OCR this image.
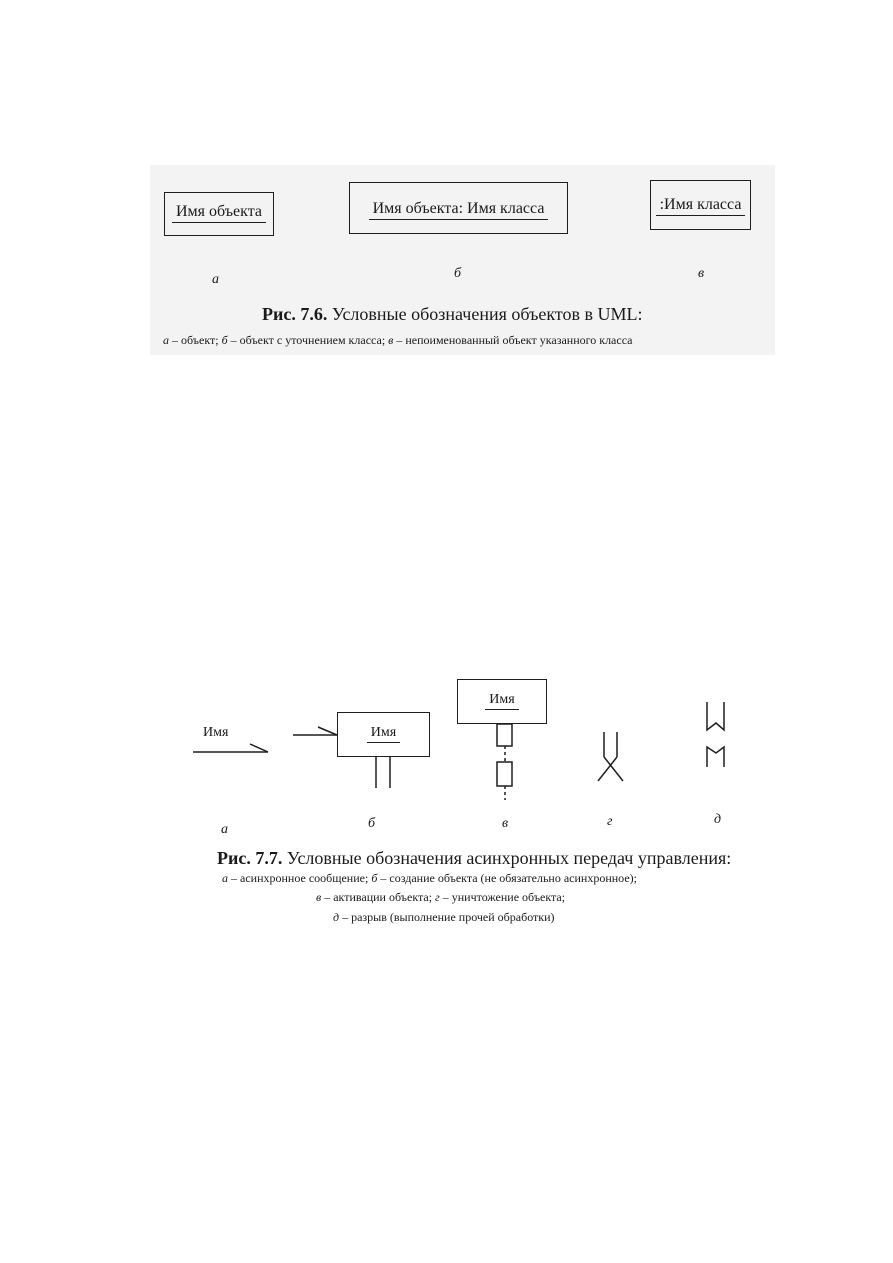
Имя объекта	Имя объекта: Имя класса	:Имя класса
а	б	в
Рис. 7.6. Условные обозначения объектов в UML:
а – объект; б – объект с уточнением класса; в – непоименованный объект указанного класса
Имя	Имя
Имя
а	б	в	г	д
Рис. 7.7. Условные обозначения асинхронных передач управления:
а – асинхронное сообщение; б – создание объекта (не обязательно асинхронное);
в – активации объекта; г – уничтожение объекта;
д – разрыв (выполнение прочей обработки)
